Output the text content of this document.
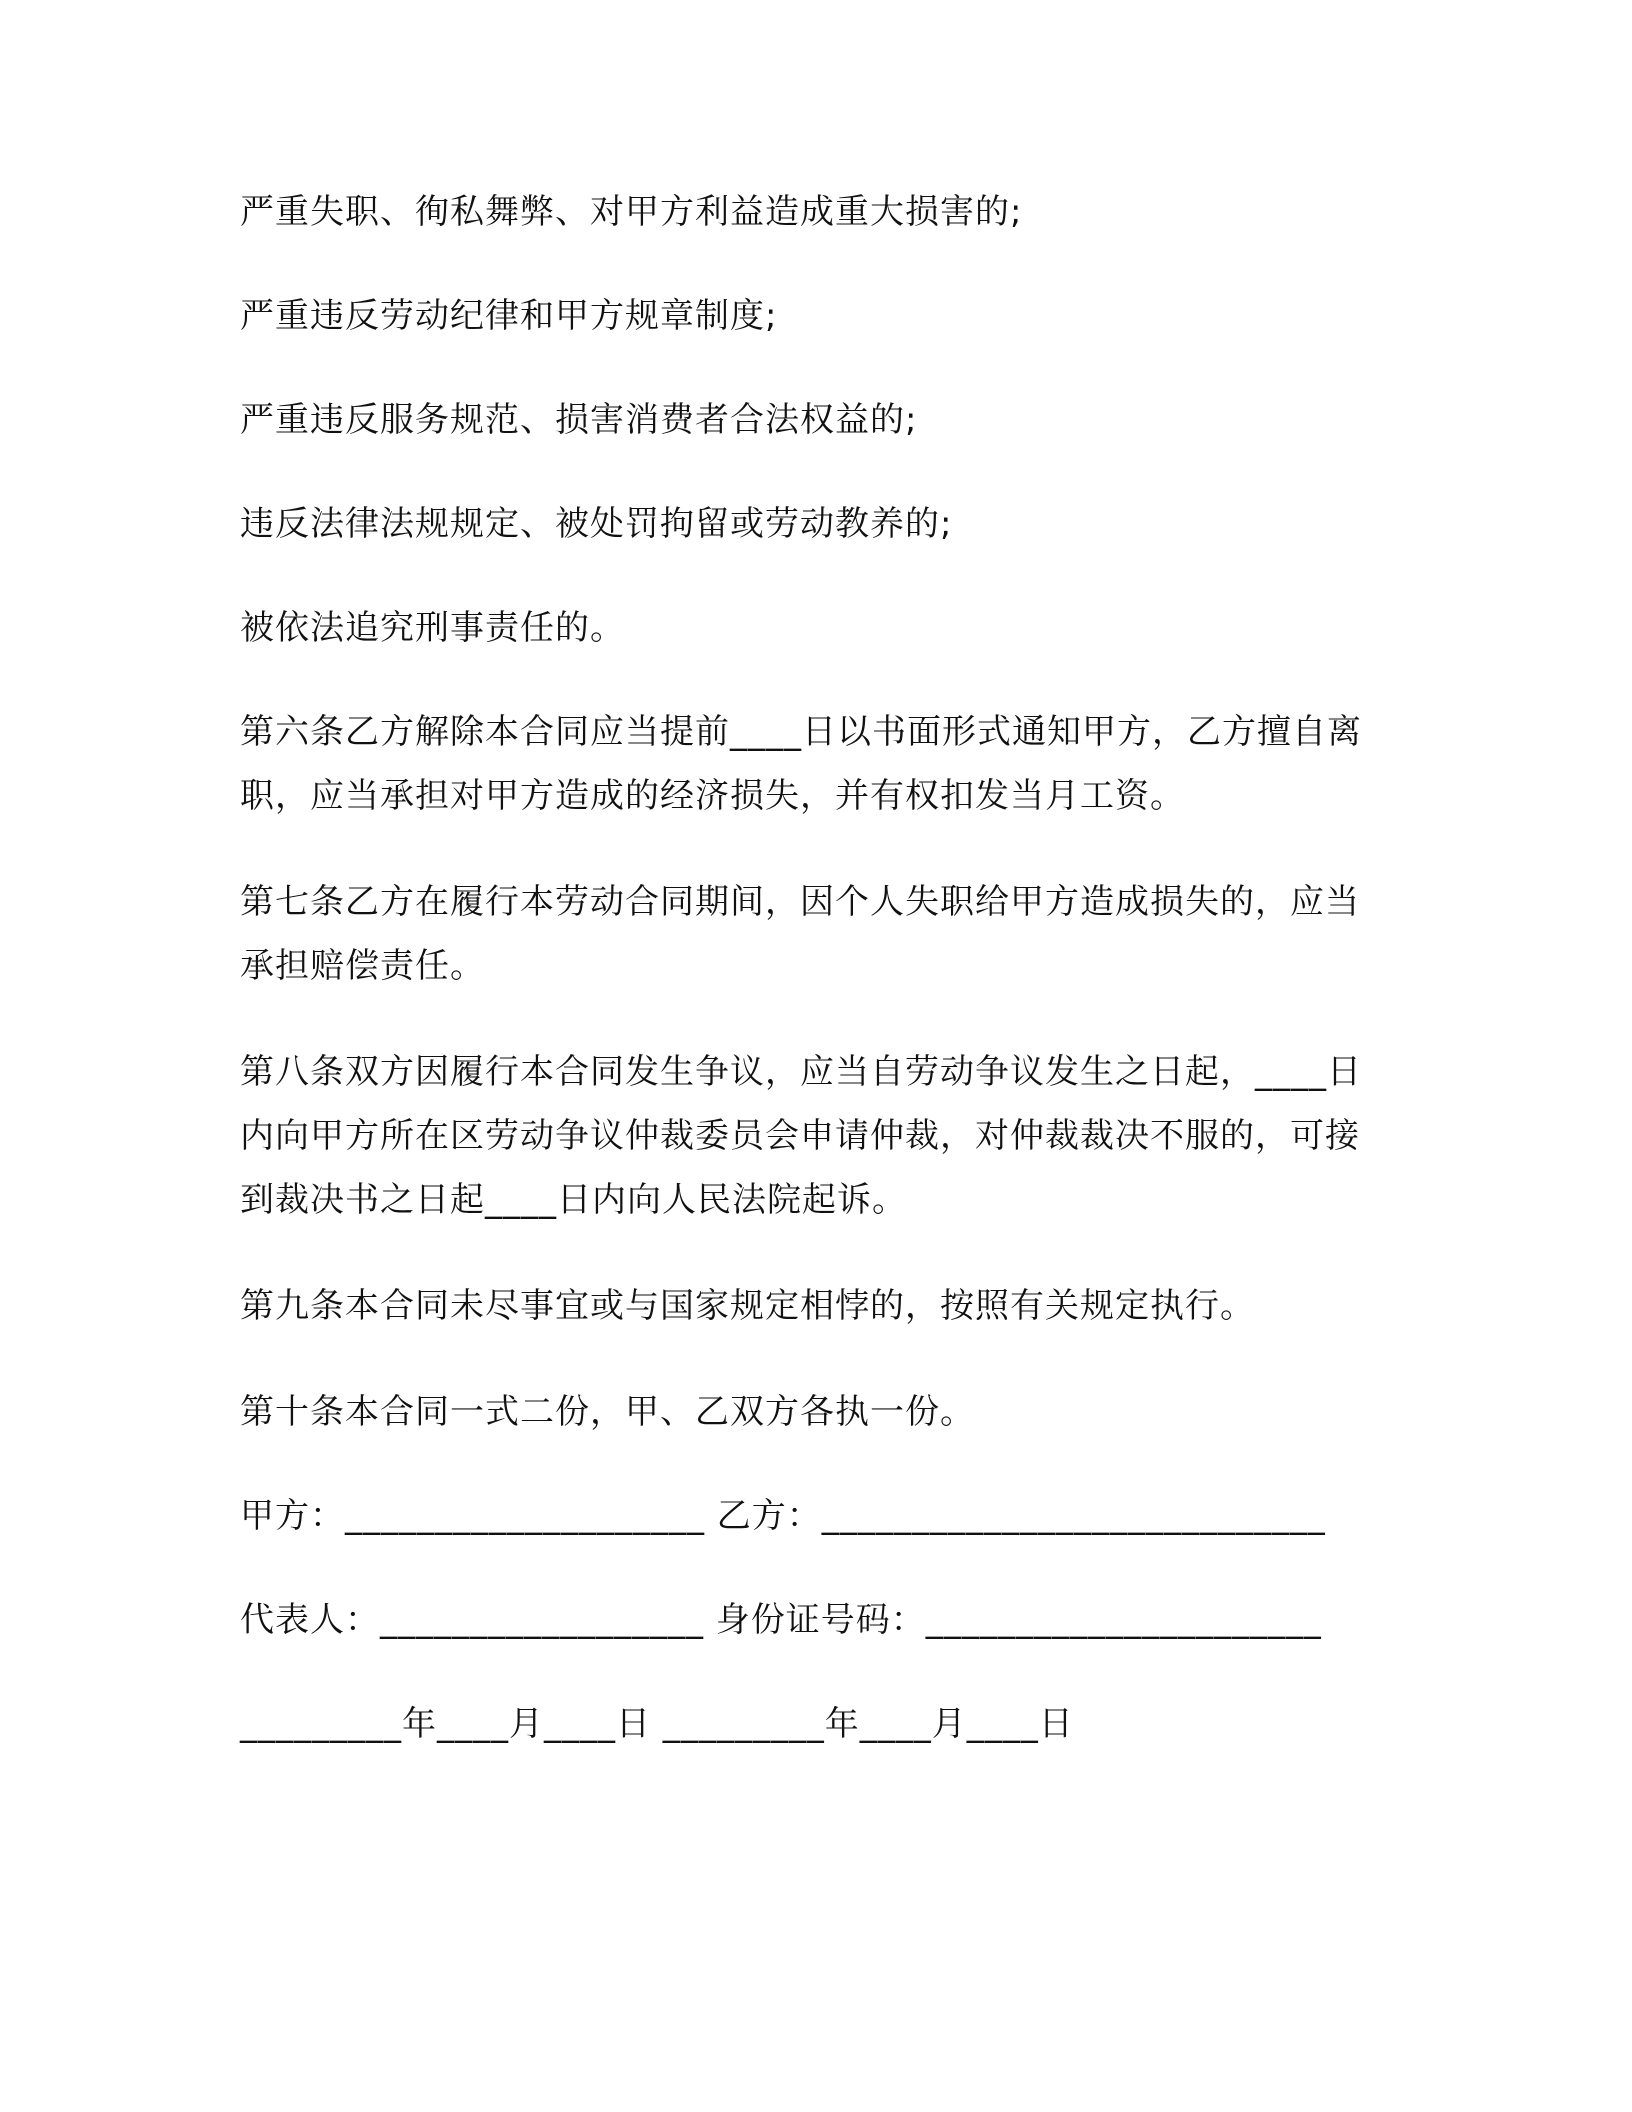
严重失职、徇私舞弊、对甲方利益造成重大损害的;

严重违反劳动纪律和甲方规章制度;

严重违反服务规范、损害消费者合法权益的;

违反法律法规规定、被处罚拘留或劳动教养的;

被依法追究刑事责任的。

第六条乙方解除本合同应当提前____日以书面形式通知甲方，乙方擅自离职，应当承担对甲方造成的经济损失，并有权扣发当月工资。

第七条乙方在履行本劳动合同期间，因个人失职给甲方造成损失的，应当承担赔偿责任。

第八条双方因履行本合同发生争议，应当自劳动争议发生之日起，____日内向甲方所在区劳动争议仲裁委员会申请仲裁，对仲裁裁决不服的，可接到裁决书之日起____日内向人民法院起诉。

第九条本合同未尽事宜或与国家规定相悖的，按照有关规定执行。

第十条本合同一式二份，甲、乙双方各执一份。

甲方：____________________ 乙方：____________________________

代表人：__________________ 身份证号码：______________________

_________年____月____日 _________年____月____日
